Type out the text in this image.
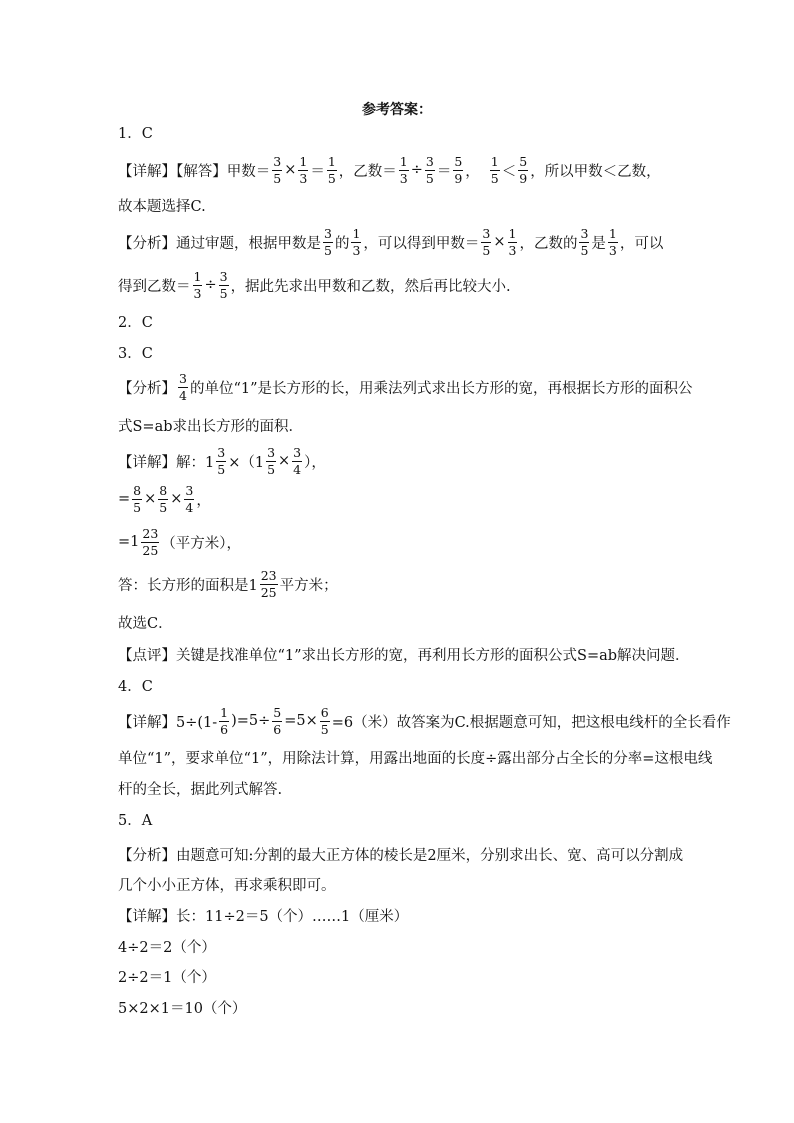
参考答案：
1．C
【详解】【解答】甲数＝ $\frac{3}{5} \times \frac{1}{3} = \frac{1}{5}$ ，乙数＝ $\frac{1}{3} \div \frac{3}{5} = \frac{5}{9}$ ， $\frac{1}{5} < \frac{5}{9}$ ，所以甲数＜乙数，
故本题选择C.
【分析】通过审题，根据甲数是 $\frac{3}{5}$ 的 $\frac{1}{3}$ ，可以得到甲数＝ $\frac{3}{5} \times \frac{1}{3}$ ，乙数的 $\frac{3}{5}$ 是 $\frac{1}{3}$ ，可以
得到乙数＝ $\frac{1}{3} \div \frac{3}{5}$ ，据此先求出甲数和乙数，然后再比较大小.
2．C
3．C
【分析】 $\frac{3}{4}$ 的单位“1”是长方形的长，用乘法列式求出长方形的宽，再根据长方形的面积公
式S=ab求出长方形的面积．
【详解】解：$1 \frac{3}{5} \times(1 \frac{3}{5} \times \frac{3}{4}$ ），
= $\frac{8}{5} \times \frac{8}{5} \times \frac{3}{4}$ ，
$=1 \frac{23}{25}$ （平方米），
答：长方形的面积是$1 \frac{23}{25}$ 平方米；
故选C．
【点评】关键是找准单位“1”求出长方形的宽，再利用长方形的面积公式S=ab解决问题．
4．C
【详解】$5\div(1- \frac{1}{6} )=5\div \frac{5}{6} =5\times \frac{6}{5} =6$（米）故答案为C.根据题意可知，把这根电线杆的全长看作
单位“1”，要求单位“1”，用除法计算，用露出地面的长度÷露出部分占全长的分率=这根电线
杆的全长，据此列式解答.
5．A
【分析】由题意可知:分割的最大正方体的棱长是2厘米，分别求出长、宽、高可以分割成
几个小小正方体，再求乘积即可。
【详解】长：11÷2＝5（个）……1（厘米）
4÷2＝2（个）
2÷2＝1（个）
5×2×1＝10（个）
